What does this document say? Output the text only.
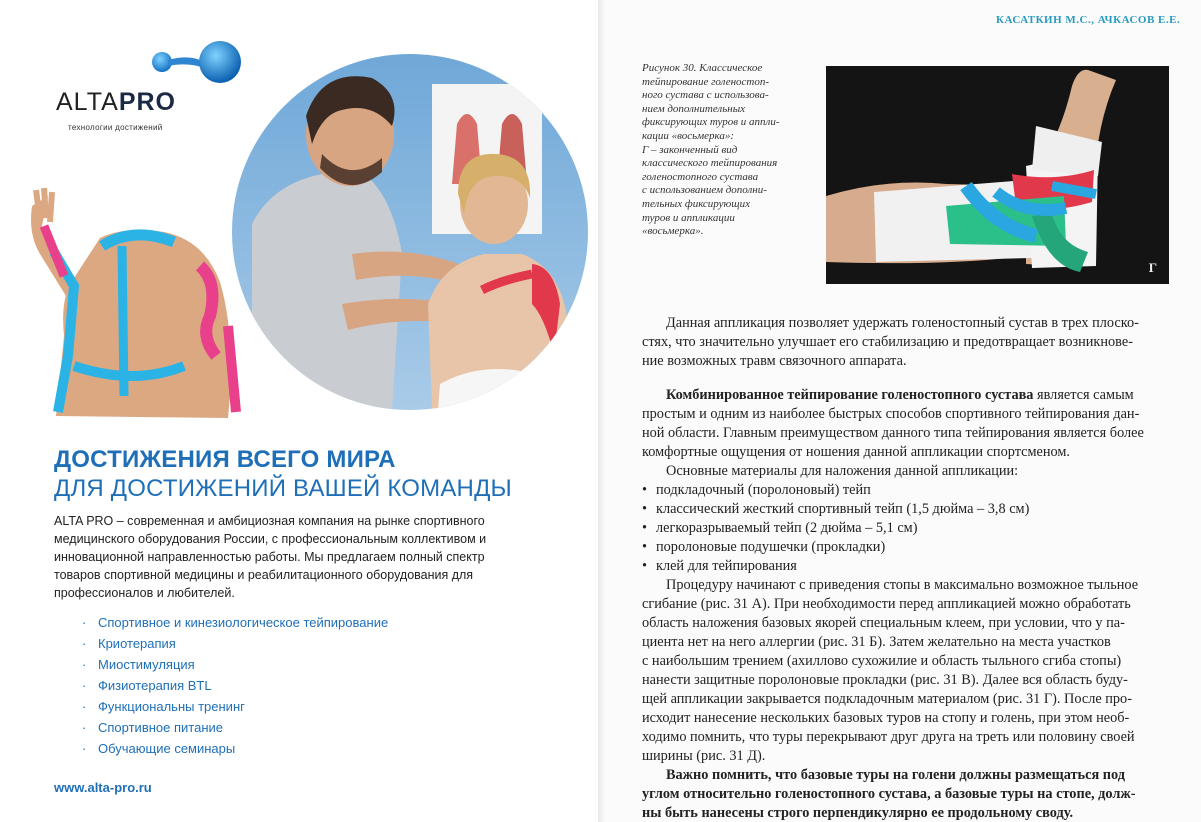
ALTAPRO
технологии достижений
ДОСТИЖЕНИЯ ВСЕГО МИРА
ДЛЯ ДОСТИЖЕНИЙ ВАШЕЙ КОМАНДЫ
ALTA PRO – современная и амбициозная компания на рынке спортивного
медицинского оборудования России, с профессиональным коллективом и
инновационной направленностью работы. Мы предлагаем полный спектр
товаров спортивной медицины и реабилитационного оборудования для
профессионалов и любителей.
· Спортивное и кинезиологическое тейпирование
· Криотерапия
· Миостимуляция
· Физиотерапия BTL
· Функциональны тренинг
· Спортивное питание
· Обучающие семинары
www.alta-pro.ru
КАСАТКИН М.С., АЧКАСОВ Е.Е.

Рисунок 30. Классическое

тейпирование голеностоп-

ного сустава с использова-

нием дополнительных

фиксирующих туров и аппли-

кации «восьмерка»:

Г – законченный вид

классического тейпирования

голеностопного сустава

с использованием дополни-

тельных фиксирующих

туров и аппликации

«восьмерка».

Г

Данная аппликация позволяет удержать голеностопный сустав в трех плоско-

стях, что значительно улучшает его стабилизацию и предотвращает возникнове-

ние возможных травм связочного аппарата.

Комбинированное тейпирование голеностопного сустава является самым

простым и одним из наиболее быстрых способов спортивного тейпирования дан-

ной области. Главным преимуществом данного типа тейпирования является более

комфортные ощущения от ношения данной аппликации спортсменом.

Основные материалы для наложения данной аппликации:

• подкладочный (поролоновый) тейп
• классический жесткий спортивный тейп (1,5 дюйма – 3,8 см)
• легкоразрываемый тейп (2 дюйма – 5,1 см)
• поролоновые подушечки (прокладки)
• клей для тейпирования

Процедуру начинают с приведения стопы в максимально возможное тыльное

сгибание (рис. 31 А). При необходимости перед аппликацией можно обработать

область наложения базовых якорей специальным клеем, при условии, что у па-

циента нет на него аллергии (рис. 31 Б). Затем желательно на места участков

с наибольшим трением (ахиллово сухожилие и область тыльного сгиба стопы)

нанести защитные поролоновые прокладки (рис. 31 В). Далее вся область буду-

щей аппликации закрывается подкладочным материалом (рис. 31 Г). После про-

исходит нанесение нескольких базовых туров на стопу и голень, при этом необ-

ходимо помнить, что туры перекрывают друг друга на треть или половину своей

ширины (рис. 31 Д).

Важно помнить, что базовые туры на голени должны размещаться под

углом относительно голеностопного сустава, а базовые туры на стопе, долж-

ны быть нанесены строго перпендикулярно ее продольному своду.
